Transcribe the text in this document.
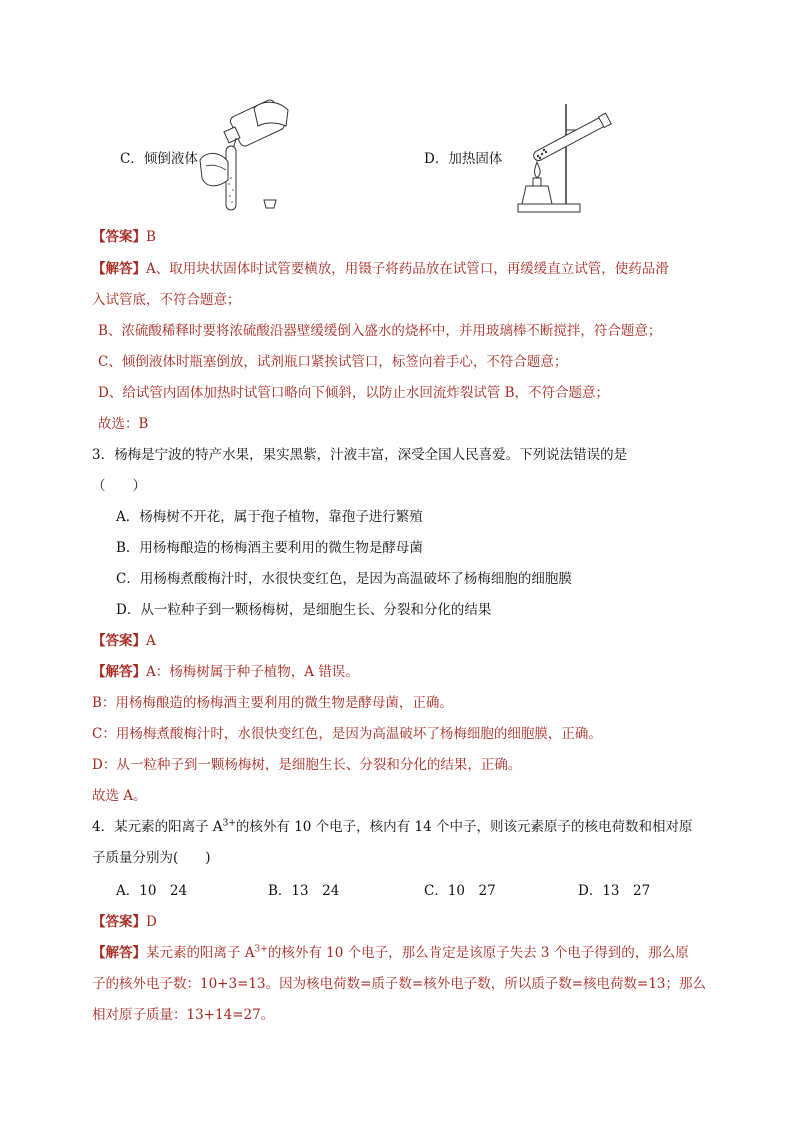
C．倾倒液体	D．加热固体
【答案】B
【解答】A、取用块状固体时试管要横放，用镊子将药品放在试管口，再缓缓直立试管，使药品滑
入试管底，不符合题意；
B、浓硫酸稀释时要将浓硫酸沿器壁缓缓倒入盛水的烧杯中，并用玻璃棒不断搅拌，符合题意；
C、倾倒液体时瓶塞倒放，试剂瓶口紧挨试管口，标签向着手心，不符合题意；
D、给试管内固体加热时试管口略向下倾斜，以防止水回流炸裂试管 B，不符合题意；
故选：B
3．杨梅是宁波的特产水果，果实黑紫，汁液丰富，深受全国人民喜爱。下列说法错误的是
（　　）
A．杨梅树不开花，属于孢子植物，靠孢子进行繁殖
B．用杨梅酿造的杨梅酒主要利用的微生物是酵母菌
C．用杨梅煮酸梅汁时，水很快变红色，是因为高温破坏了杨梅细胞的细胞膜
D．从一粒种子到一颗杨梅树，是细胞生长、分裂和分化的结果
【答案】A
【解答】A：杨梅树属于种子植物，A 错误。
B：用杨梅酿造的杨梅酒主要利用的微生物是酵母菌，正确。
C：用杨梅煮酸梅汁时，水很快变红色，是因为高温破坏了杨梅细胞的细胞膜，正确。
D：从一粒种子到一颗杨梅树，是细胞生长、分裂和分化的结果，正确。
故选 A。
4．某元素的阳离子 $A^{3+}$的核外有 10 个电子，核内有 14 个中子，则该元素原子的核电荷数和相对原
子质量分别为(　　)
A．10　24	B．13　24	C．10　27	D．13　27
【答案】D
【解答】某元素的阳离子 $A^{3+}$的核外有 10 个电子，那么肯定是该原子失去 3 个电子得到的，那么原
子的核外电子数：10+3=13。因为核电荷数=质子数=核外电子数，所以质子数=核电荷数=13；那么
相对原子质量：13+14=27。
